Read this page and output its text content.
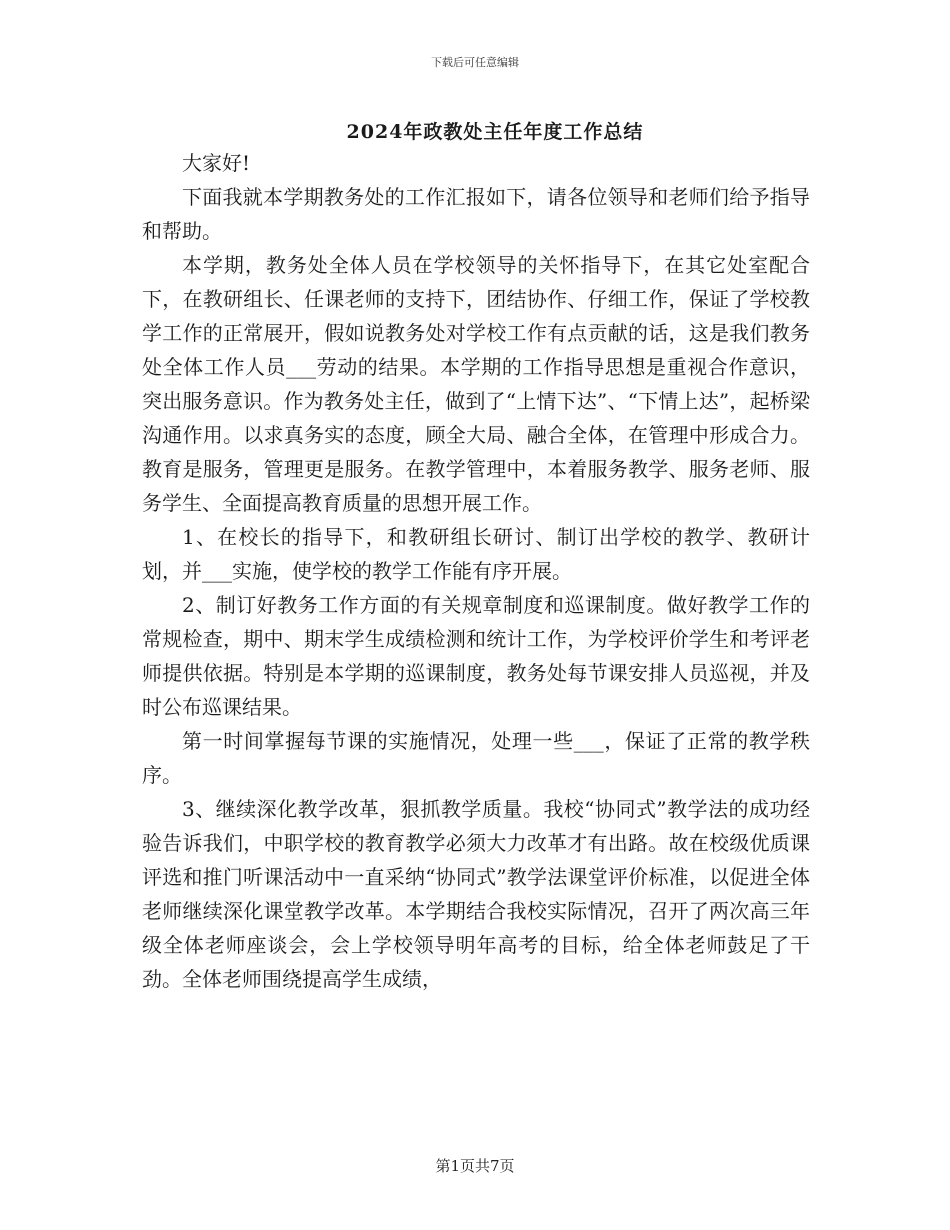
下载后可任意编辑
2024年政教处主任年度工作总结

大家好!

下面我就本学期教务处的工作汇报如下，请各位领导和老师们给予指导和帮助。

本学期，教务处全体人员在学校领导的关怀指导下，在其它处室配合下，在教研组长、任课老师的支持下，团结协作、仔细工作，保证了学校教学工作的正常展开，假如说教务处对学校工作有点贡献的话，这是我们教务处全体工作人员___劳动的结果。本学期的工作指导思想是重视合作意识，突出服务意识。作为教务处主任，做到了“上情下达”、“下情上达”，起桥梁沟通作用。以求真务实的态度，顾全大局、融合全体，在管理中形成合力。教育是服务，管理更是服务。在教学管理中，本着服务教学、服务老师、服务学生、全面提高教育质量的思想开展工作。

1、在校长的指导下，和教研组长研讨、制订出学校的教学、教研计划，并___实施，使学校的教学工作能有序开展。

2、制订好教务工作方面的有关规章制度和巡课制度。做好教学工作的常规检查，期中、期末学生成绩检测和统计工作，为学校评价学生和考评老师提供依据。特别是本学期的巡课制度，教务处每节课安排人员巡视，并及时公布巡课结果。

第一时间掌握每节课的实施情况，处理一些___，保证了正常的教学秩序。

3、继续深化教学改革，狠抓教学质量。我校“协同式”教学法的成功经验告诉我们，中职学校的教育教学必须大力改革才有出路。故在校级优质课评选和推门听课活动中一直采纳“协同式”教学法课堂评价标准，以促进全体老师继续深化课堂教学改革。本学期结合我校实际情况，召开了两次高三年级全体老师座谈会，会上学校领导明年高考的目标，给全体老师鼓足了干劲。全体老师围绕提高学生成绩，

第1页共7页
